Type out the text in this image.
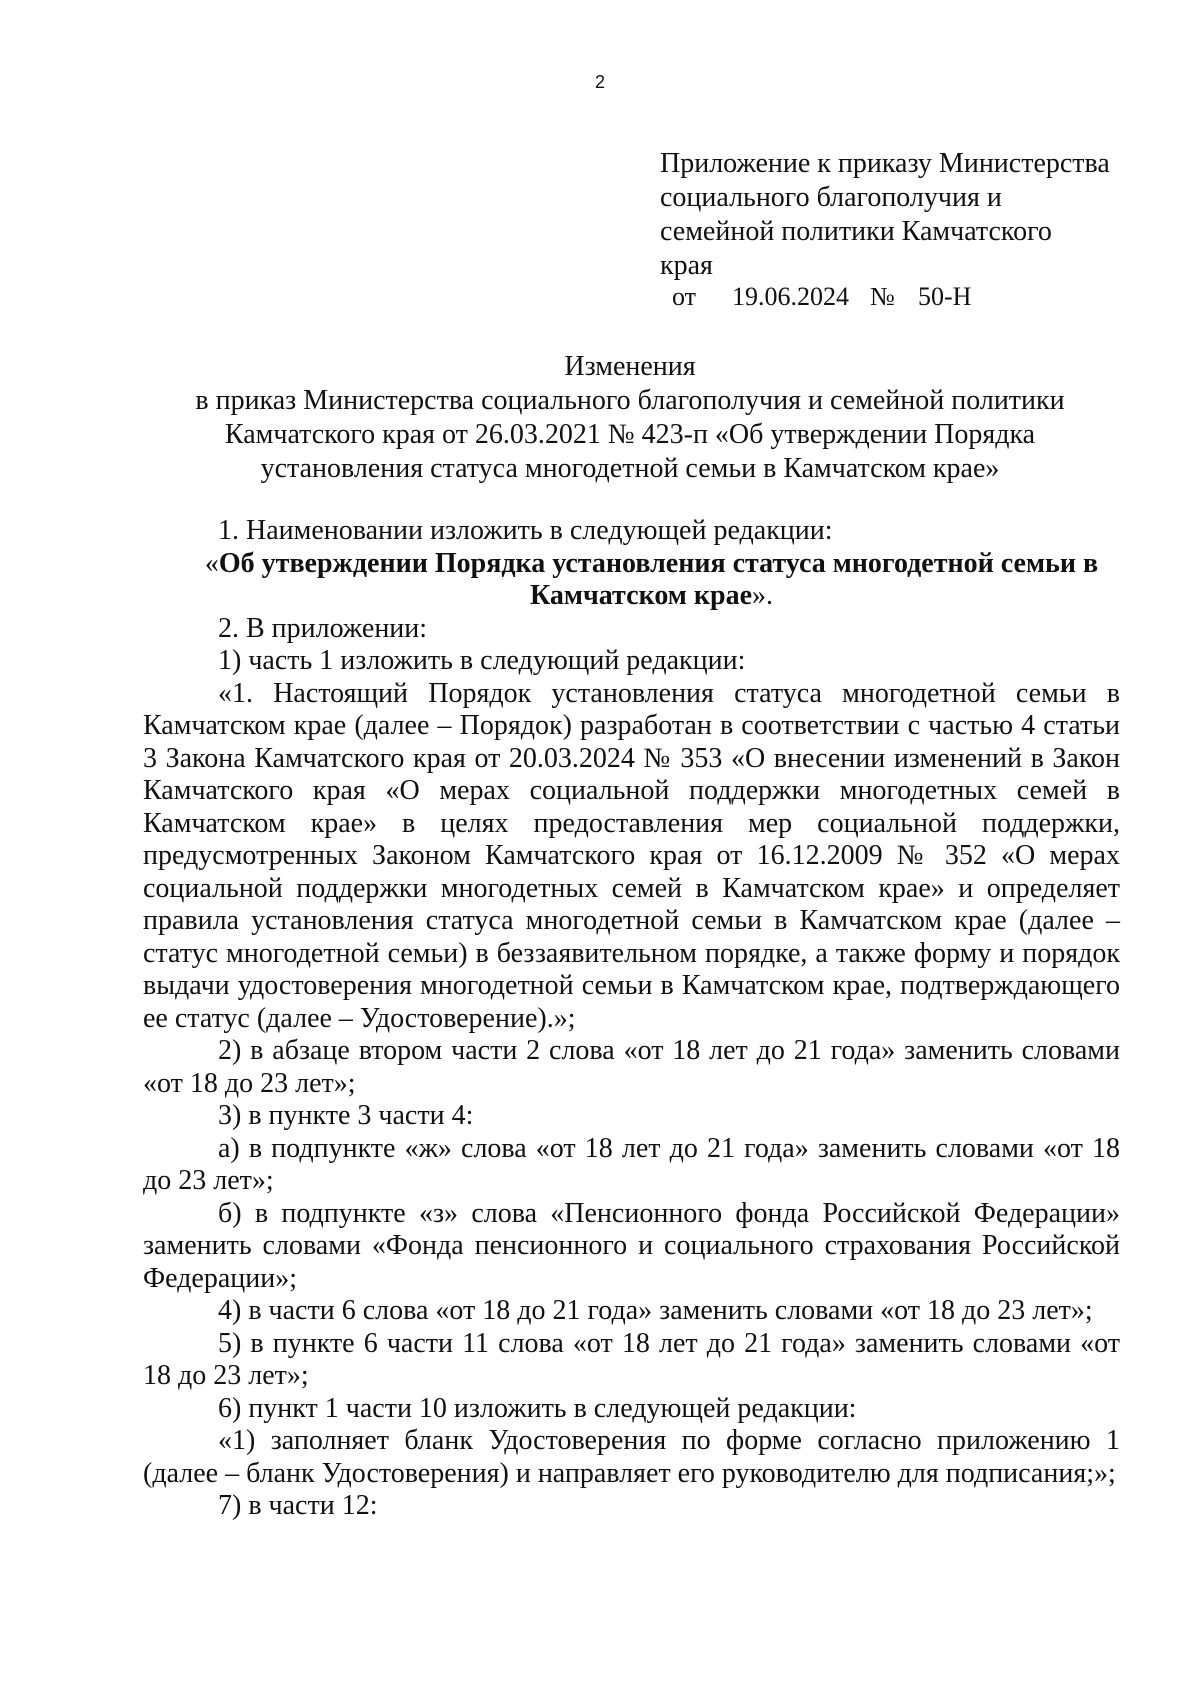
2
Приложение к приказу Министерства
социального благополучия и
семейной политики Камчатского
края
от 19.06.2024 № 50-Н
Изменения
в приказ Министерства социального благополучия и семейной политики
Камчатского края от 26.03.2021 № 423-п «Об утверждении Порядка
установления статуса многодетной семьи в Камчатском крае»

1. Наименовании изложить в следующей редакции:

«Об утверждении Порядка установления статуса многодетной семьи в Камчатском крае».

2. В приложении:

1) часть 1 изложить в следующий редакции:

«1. Настоящий Порядок установления статуса многодетной семьи в Камчатском крае (далее – Порядок) разработан в соответствии с частью 4 статьи 3 Закона Камчатского края от 20.03.2024 № 353 «О внесении изменений в Закон Камчатского края «О мерах социальной поддержки многодетных семей в Камчатском крае» в целях предоставления мер социальной поддержки, предусмотренных Законом Камчатского края от 16.12.2009 № 352 «О мерах социальной поддержки многодетных семей в Камчатском крае» и определяет правила установления статуса многодетной семьи в Камчатском крае (далее – статус многодетной семьи) в беззаявительном порядке, а также форму и порядок выдачи удостоверения многодетной семьи в Камчатском крае, подтверждающего ее статус (далее – Удостоверение).»;

2) в абзаце втором части 2 слова «от 18 лет до 21 года» заменить словами «от 18 до 23 лет»;

3) в пункте 3 части 4:

а) в подпункте «ж» слова «от 18 лет до 21 года» заменить словами «от 18 до 23 лет»;

б) в подпункте «з» слова «Пенсионного фонда Российской Федерации» заменить словами «Фонда пенсионного и социального страхования Российской Федерации»;

4) в части 6 слова «от 18 до 21 года» заменить словами «от 18 до 23 лет»;

5) в пункте 6 части 11 слова «от 18 лет до 21 года» заменить словами «от 18 до 23 лет»;

6) пункт 1 части 10 изложить в следующей редакции:

«1) заполняет бланк Удостоверения по форме согласно приложению 1 (далее – бланк Удостоверения) и направляет его руководителю для подписания;»;

7) в части 12:
